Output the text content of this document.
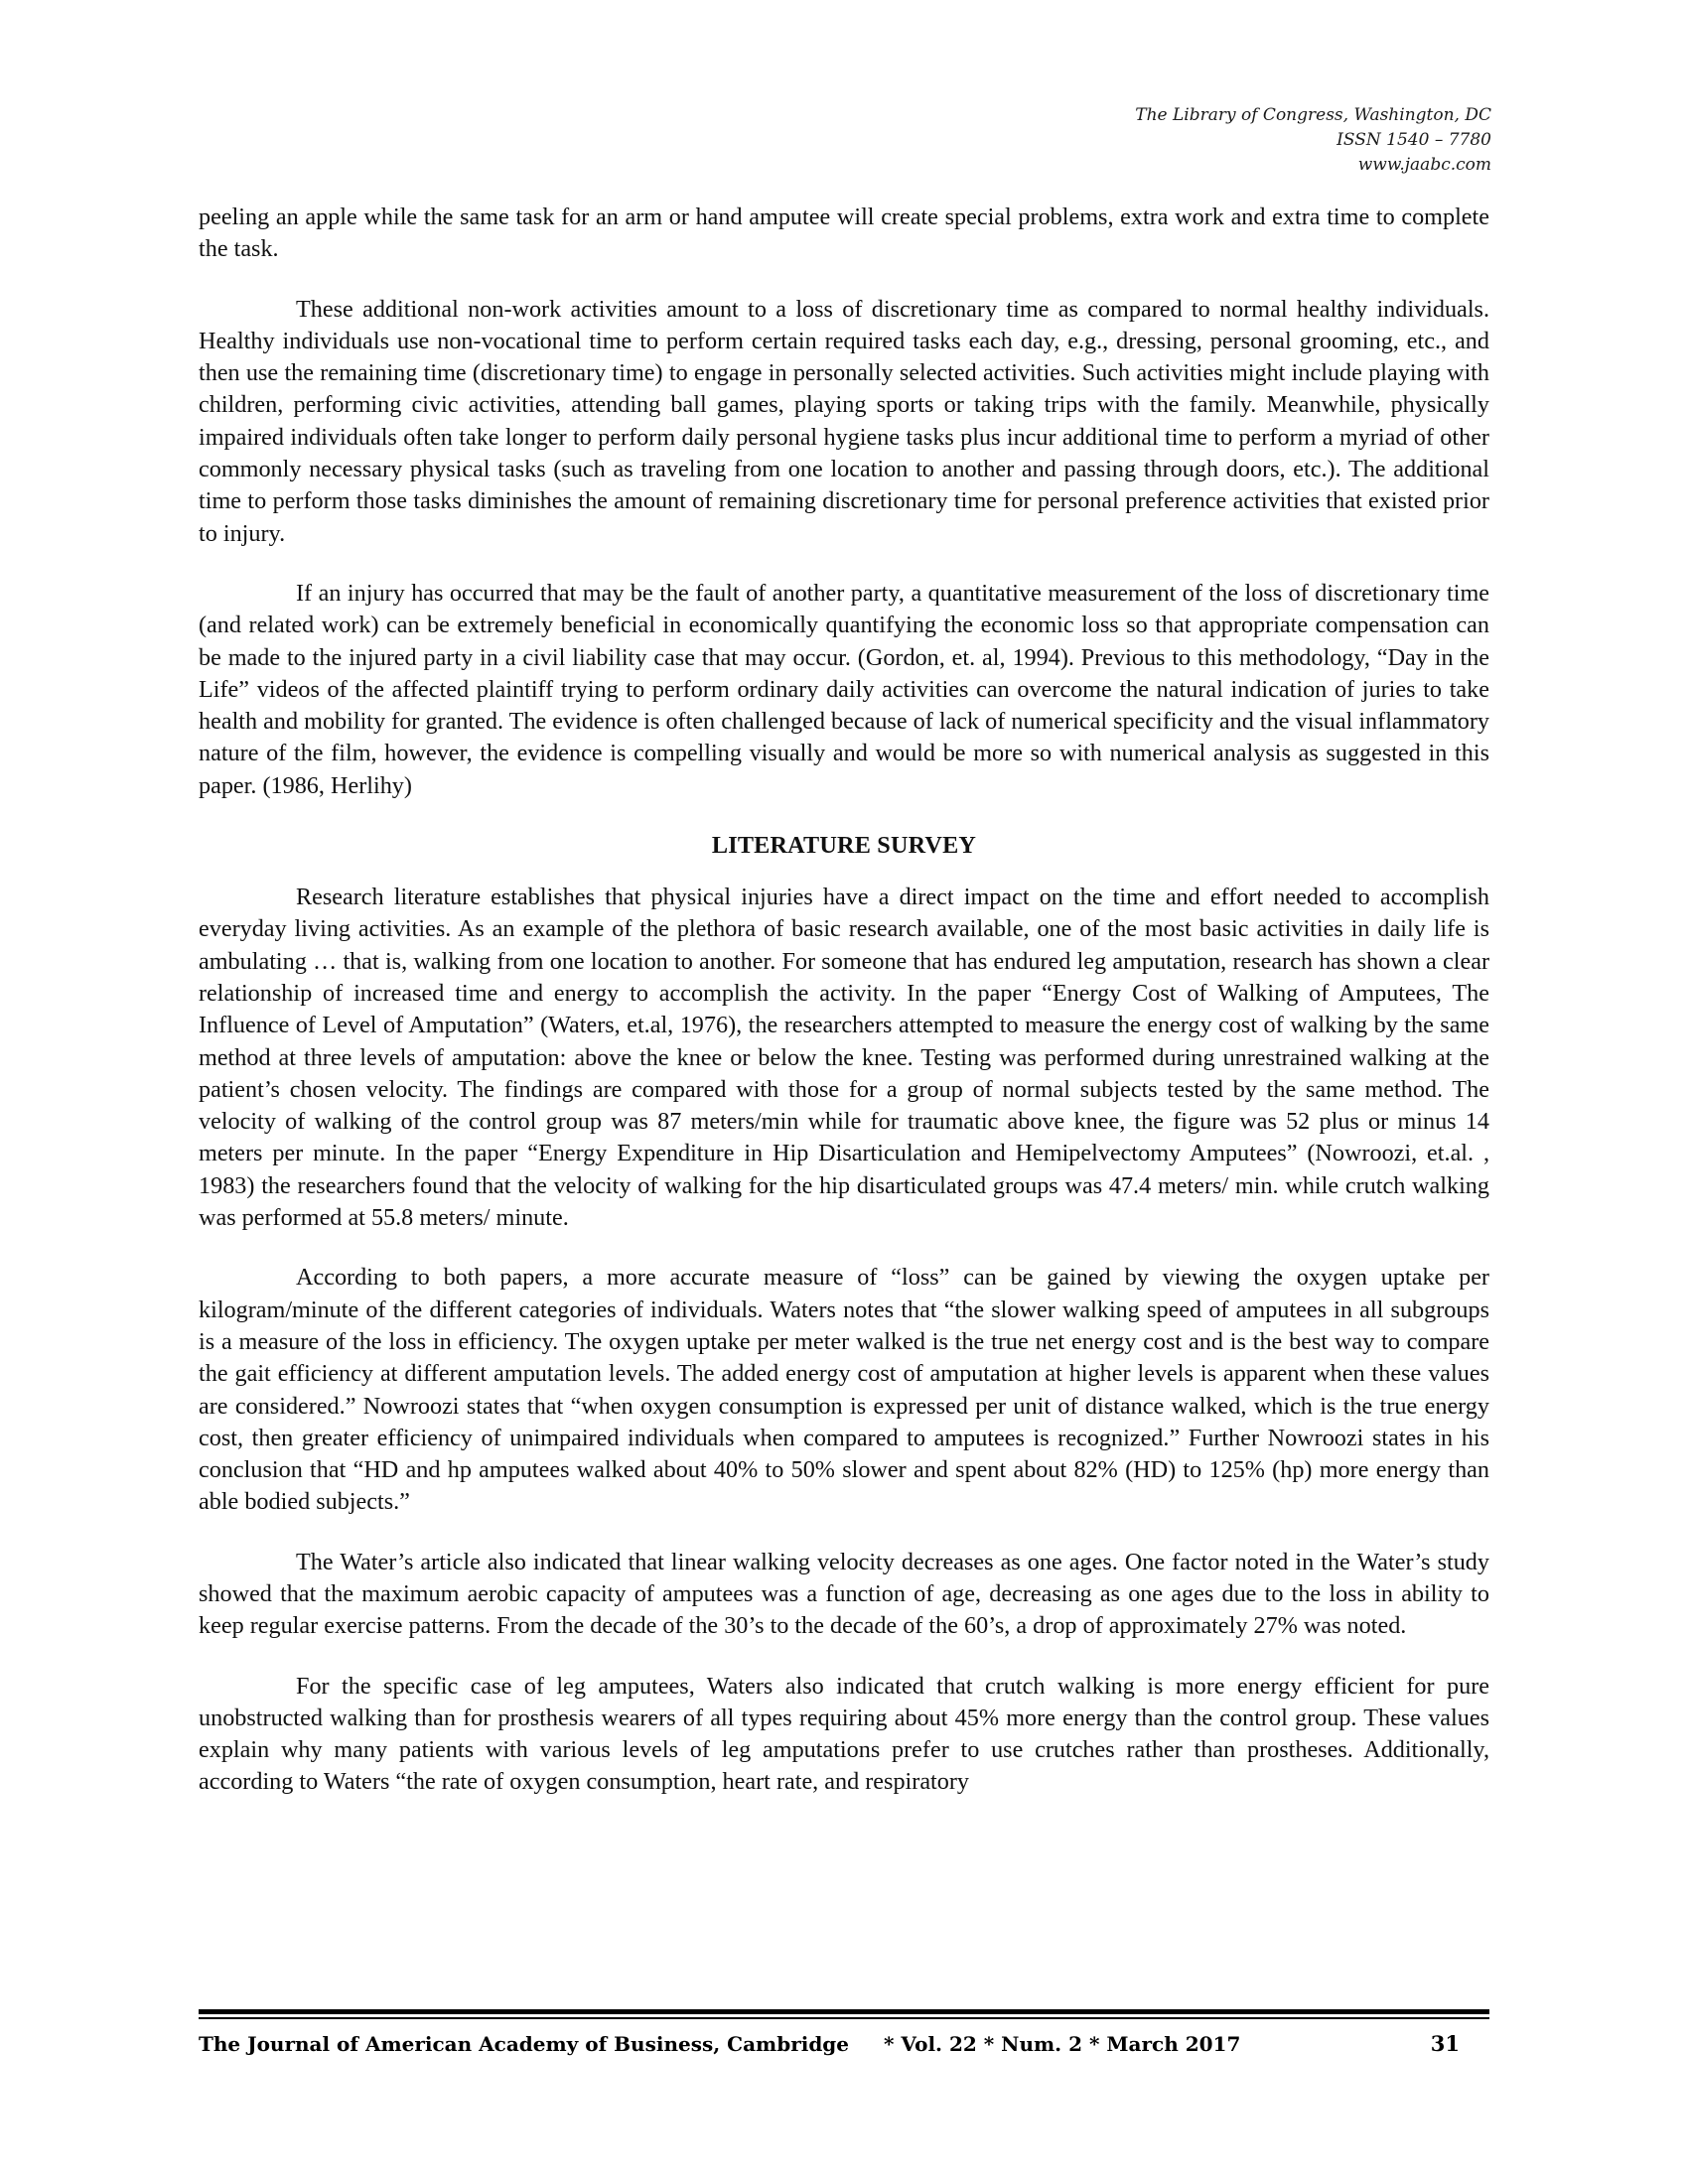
The Library of Congress, Washington, DC
ISSN 1540 – 7780
www.jaabc.com

peeling an apple while the same task for an arm or hand amputee will create special problems, extra work and extra time to complete the task.

These additional non-work activities amount to a loss of discretionary time as compared to normal healthy individuals. Healthy individuals use non-vocational time to perform certain required tasks each day, e.g., dressing, personal grooming, etc., and then use the remaining time (discretionary time) to engage in personally selected activities. Such activities might include playing with children, performing civic activities, attending ball games, playing sports or taking trips with the family. Meanwhile, physically impaired individuals often take longer to perform daily personal hygiene tasks plus incur additional time to perform a myriad of other commonly necessary physical tasks (such as traveling from one location to another and passing through doors, etc.). The additional time to perform those tasks diminishes the amount of remaining discretionary time for personal preference activities that existed prior to injury.

If an injury has occurred that may be the fault of another party, a quantitative measurement of the loss of discretionary time (and related work) can be extremely beneficial in economically quantifying the economic loss so that appropriate compensation can be made to the injured party in a civil liability case that may occur. (Gordon, et. al, 1994). Previous to this methodology, “Day in the Life” videos of the affected plaintiff trying to perform ordinary daily activities can overcome the natural indication of juries to take health and mobility for granted. The evidence is often challenged because of lack of numerical specificity and the visual inflammatory nature of the film, however, the evidence is compelling visually and would be more so with numerical analysis as suggested in this paper. (1986, Herlihy)

LITERATURE SURVEY

Research literature establishes that physical injuries have a direct impact on the time and effort needed to accomplish everyday living activities. As an example of the plethora of basic research available, one of the most basic activities in daily life is ambulating … that is, walking from one location to another. For someone that has endured leg amputation, research has shown a clear relationship of increased time and energy to accomplish the activity. In the paper “Energy Cost of Walking of Amputees, The Influence of Level of Amputation” (Waters, et.al, 1976), the researchers attempted to measure the energy cost of walking by the same method at three levels of amputation: above the knee or below the knee. Testing was performed during unrestrained walking at the patient’s chosen velocity. The findings are compared with those for a group of normal subjects tested by the same method. The velocity of walking of the control group was 87 meters/min while for traumatic above knee, the figure was 52 plus or minus 14 meters per minute. In the paper “Energy Expenditure in Hip Disarticulation and Hemipelvectomy Amputees” (Nowroozi, et.al. , 1983) the researchers found that the velocity of walking for the hip disarticulated groups was 47.4 meters/ min. while crutch walking was performed at 55.8 meters/ minute.

According to both papers, a more accurate measure of “loss” can be gained by viewing the oxygen uptake per kilogram/minute of the different categories of individuals. Waters notes that “the slower walking speed of amputees in all subgroups is a measure of the loss in efficiency. The oxygen uptake per meter walked is the true net energy cost and is the best way to compare the gait efficiency at different amputation levels. The added energy cost of amputation at higher levels is apparent when these values are considered.” Nowroozi states that “when oxygen consumption is expressed per unit of distance walked, which is the true energy cost, then greater efficiency of unimpaired individuals when compared to amputees is recognized.” Further Nowroozi states in his conclusion that “HD and hp amputees walked about 40% to 50% slower and spent about 82% (HD) to 125% (hp) more energy than able bodied subjects.”

The Water’s article also indicated that linear walking velocity decreases as one ages. One factor noted in the Water’s study showed that the maximum aerobic capacity of amputees was a function of age, decreasing as one ages due to the loss in ability to keep regular exercise patterns. From the decade of the 30’s to the decade of the 60’s, a drop of approximately 27% was noted.

For the specific case of leg amputees, Waters also indicated that crutch walking is more energy efficient for pure unobstructed walking than for prosthesis wearers of all types requiring about 45% more energy than the control group. These values explain why many patients with various levels of leg amputations prefer to use crutches rather than prostheses. Additionally, according to Waters “the rate of oxygen consumption, heart rate, and respiratory

The Journal of American Academy of Business, Cambridge * Vol. 22 * Num. 2 * March 2017	31
